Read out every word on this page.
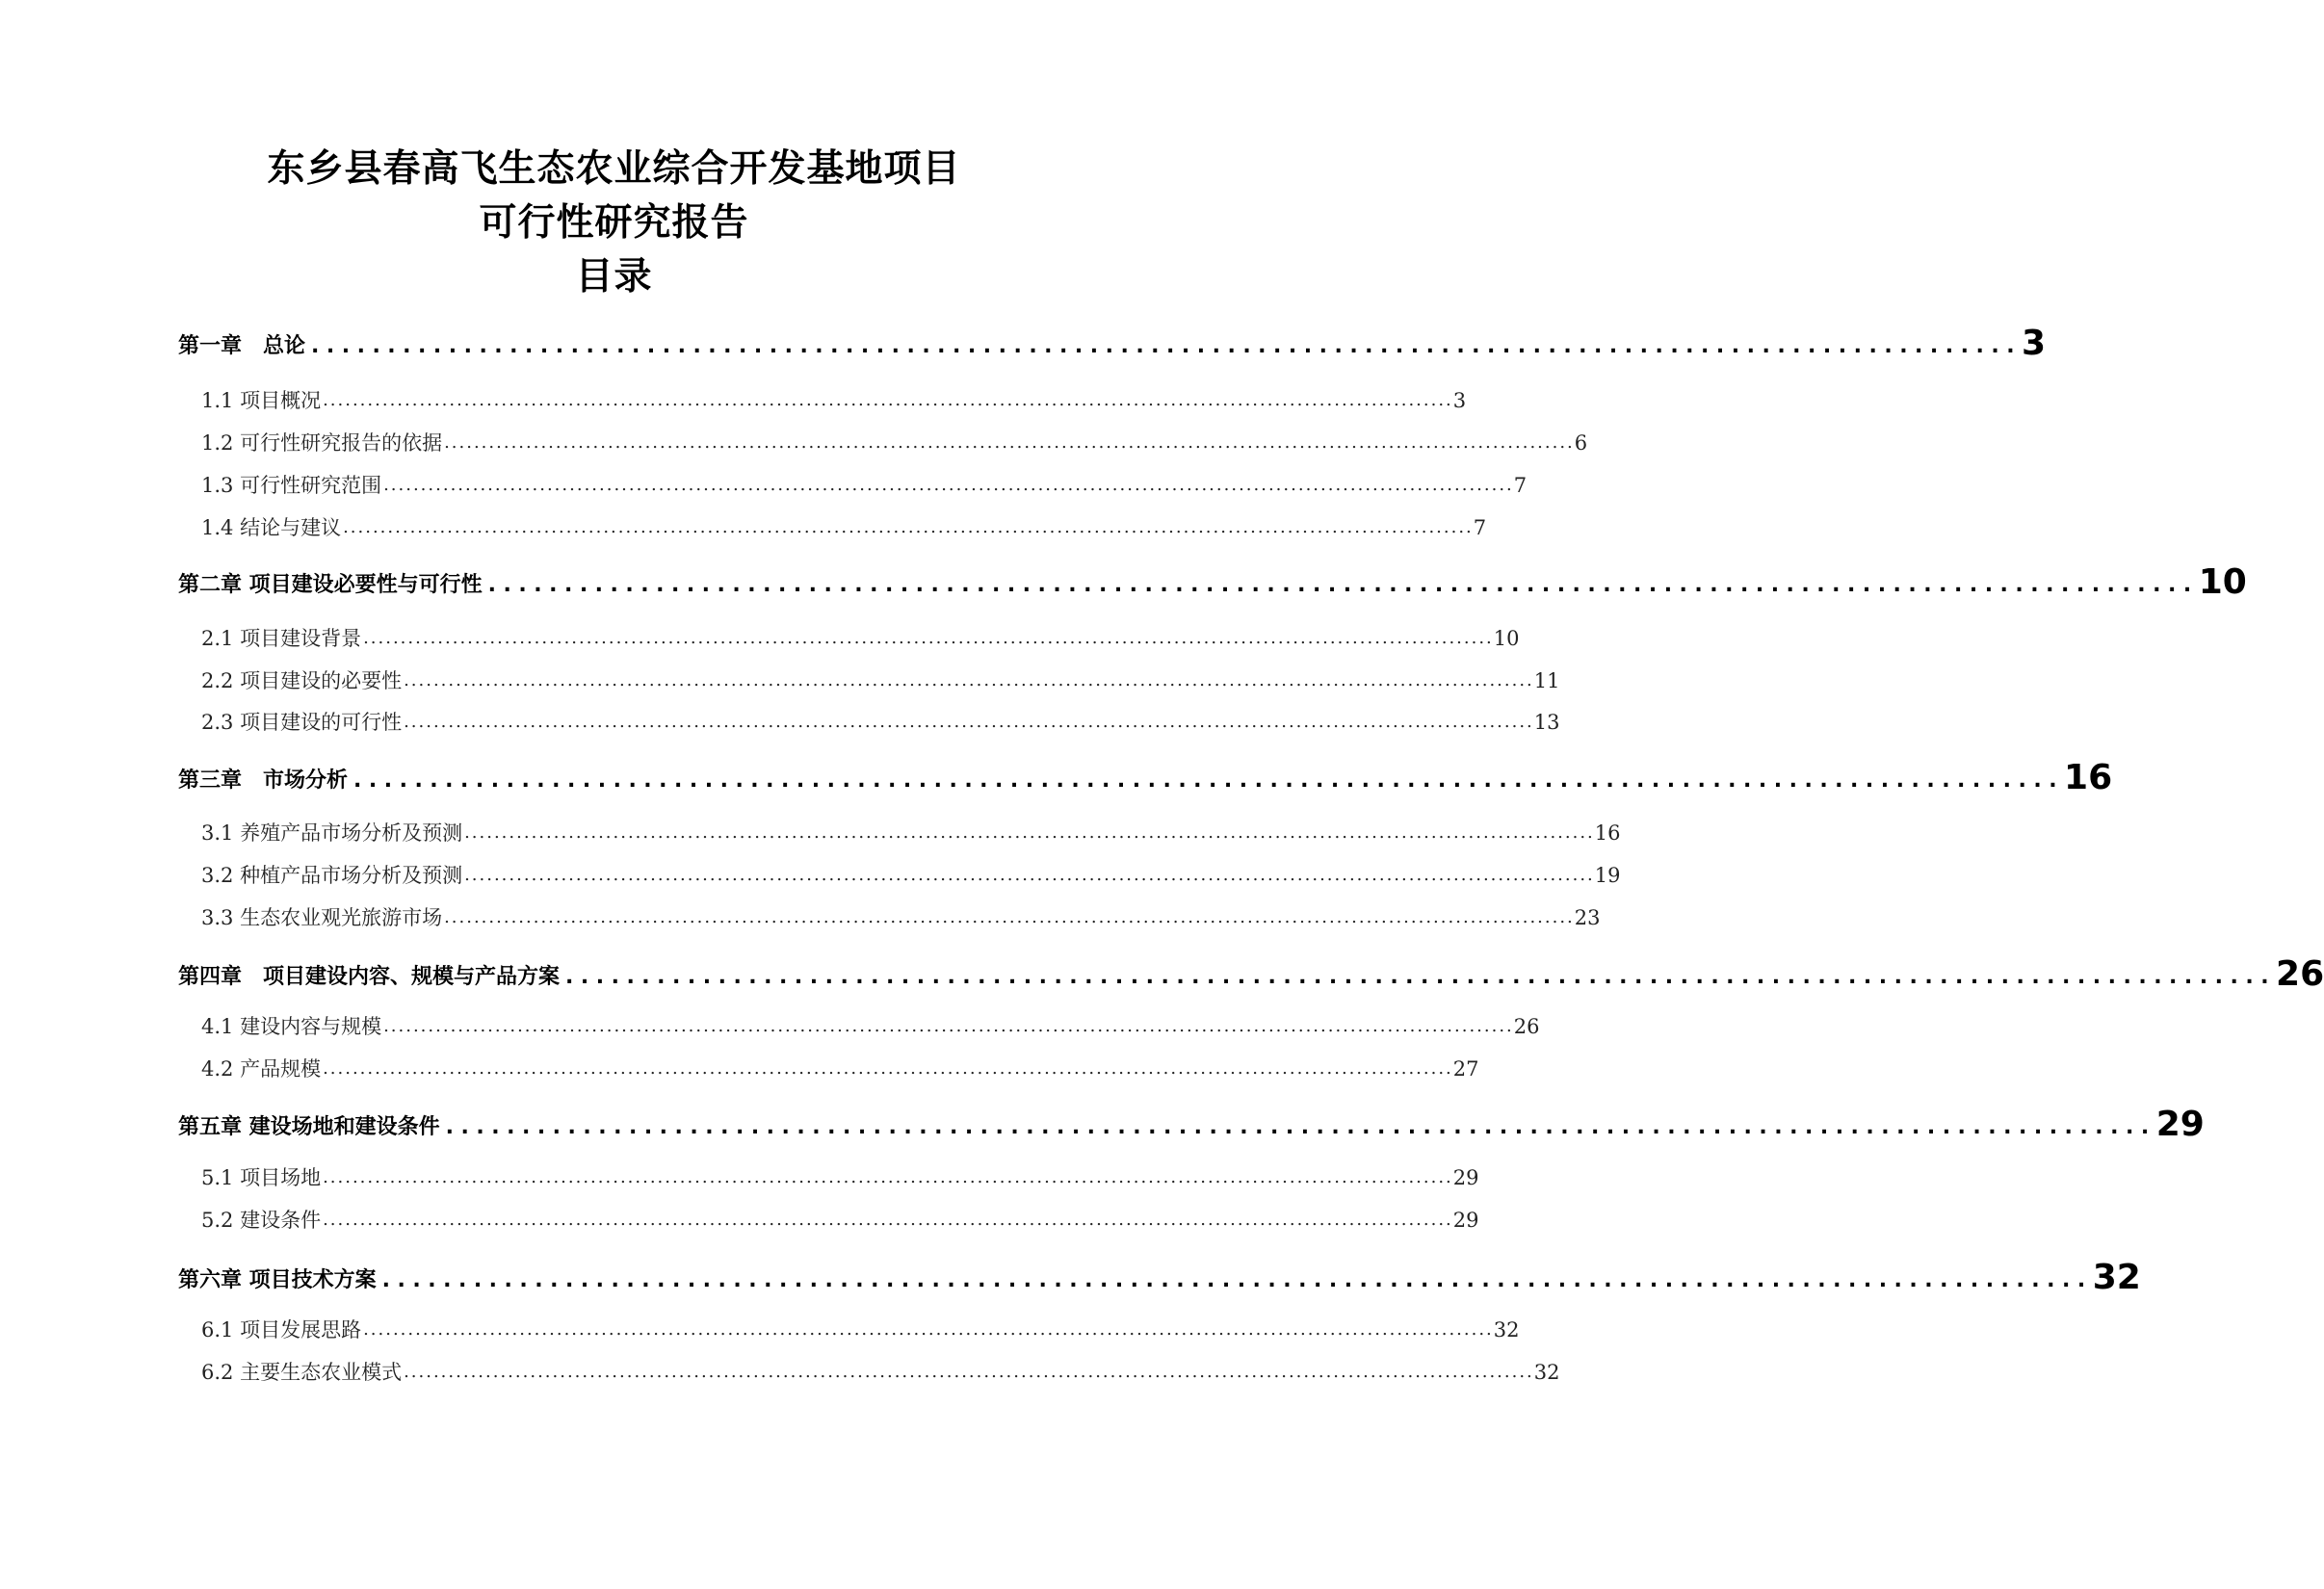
东乡县春高飞生态农业综合开发基地项目
可行性研究报告
目录
第一章　总论 ................................................................................................................ 3
1.1 项目概况 ........................................................................................................................................................ 3
1.2 可行性研究报告的依据 ........................................................................................................................................................ 6
1.3 可行性研究范围 ........................................................................................................................................................ 7
1.4 结论与建议 ........................................................................................................................................................ 7
第二章 项目建设必要性与可行性 ................................................................................................................ 10
2.1 项目建设背景 ........................................................................................................................................................ 10
2.2 项目建设的必要性 ........................................................................................................................................................ 11
2.3 项目建设的可行性 ........................................................................................................................................................ 13
第三章　市场分析 ................................................................................................................ 16
3.1 养殖产品市场分析及预测 ........................................................................................................................................................ 16
3.2 种植产品市场分析及预测 ........................................................................................................................................................ 19
3.3 生态农业观光旅游市场 ........................................................................................................................................................ 23
第四章　项目建设内容、规模与产品方案 ................................................................................................................ 26
4.1 建设内容与规模 ........................................................................................................................................................ 26
4.2 产品规模 ........................................................................................................................................................ 27
第五章 建设场地和建设条件 ................................................................................................................ 29
5.1 项目场地 ........................................................................................................................................................ 29
5.2 建设条件 ........................................................................................................................................................ 29
第六章 项目技术方案 ................................................................................................................ 32
6.1 项目发展思路 ........................................................................................................................................................ 32
6.2 主要生态农业模式 ........................................................................................................................................................ 32
